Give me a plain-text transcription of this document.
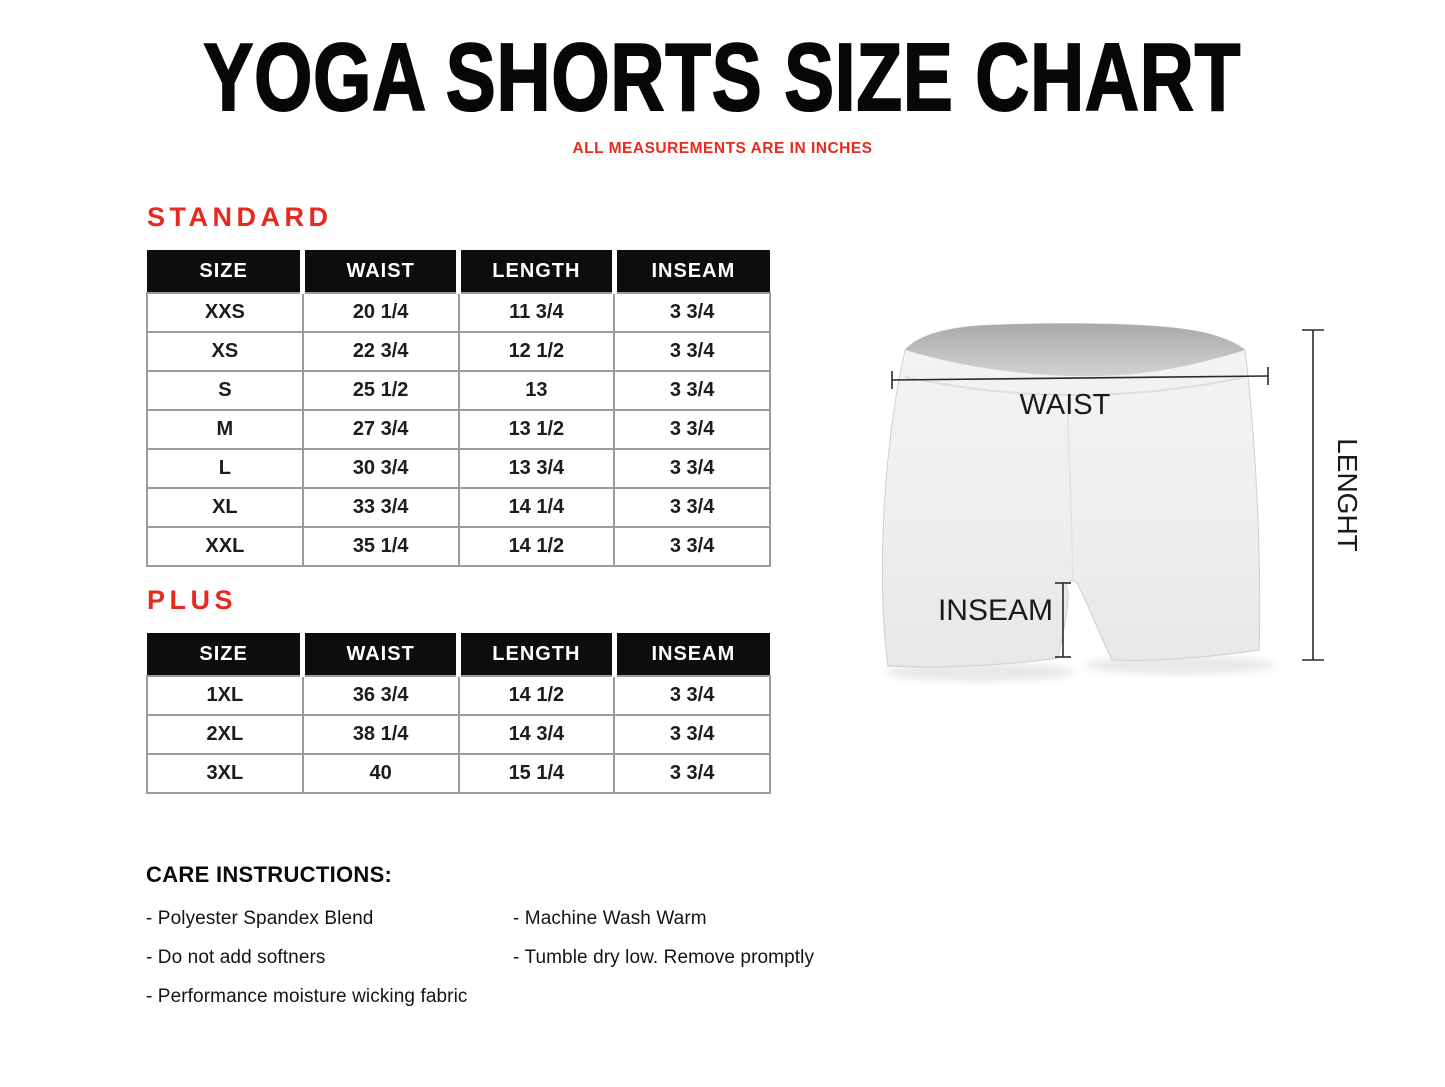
YOGA SHORTS SIZE CHART
ALL MEASUREMENTS ARE IN INCHES
STANDARD
SIZE	WAIST	LENGTH	INSEAM
XXS	20 1/4	11 3/4	3 3/4
XS	22 3/4	12 1/2	3 3/4
S	25 1/2	13	3 3/4
M	27 3/4	13 1/2	3 3/4
L	30 3/4	13 3/4	3 3/4
XL	33 3/4	14 1/4	3 3/4
XXL	35 1/4	14 1/2	3 3/4
PLUS
SIZE	WAIST	LENGTH	INSEAM
1XL	36 3/4	14 1/2	3 3/4
2XL	38 1/4	14 3/4	3 3/4
3XL	40	15 1/4	3 3/4
CARE INSTRUCTIONS:
- Polyester Spandex Blend
- Do not add softners
- Performance moisture wicking fabric
- Machine Wash Warm
- Tumble dry low. Remove promptly
WAIST
INSEAM
LENGHT
